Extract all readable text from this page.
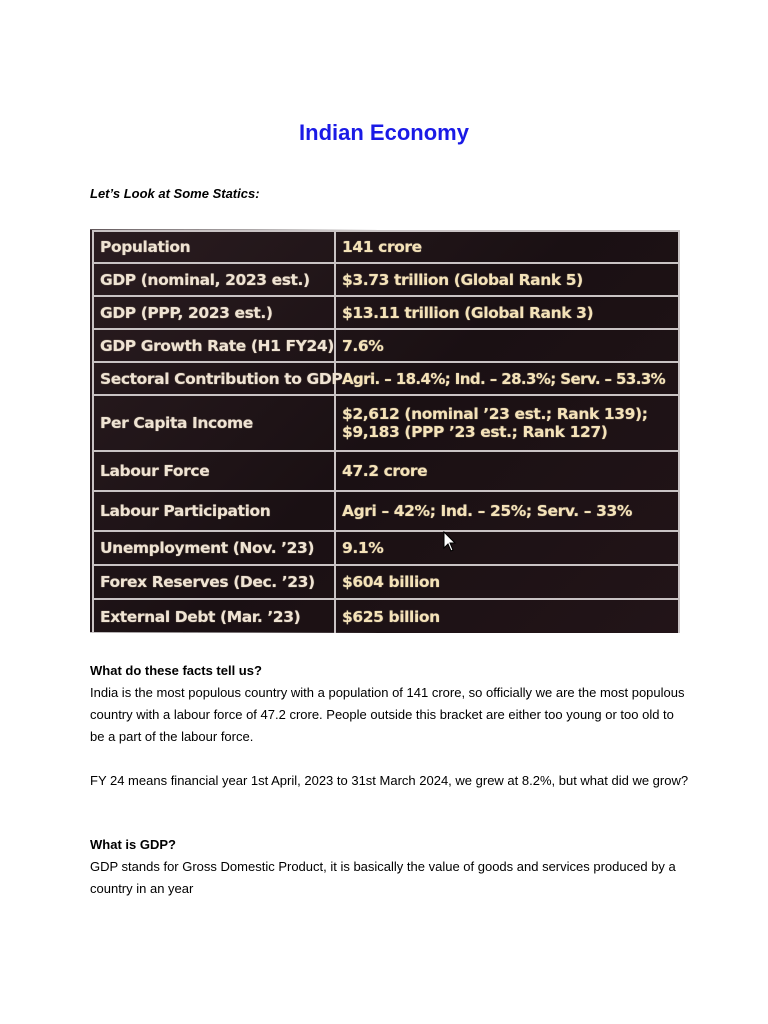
Indian Economy
Let’s Look at Some Statics:
Population	141 crore
GDP (nominal, 2023 est.)	$3.73 trillion (Global Rank 5)
GDP (PPP, 2023 est.)	$13.11 trillion (Global Rank 3)
GDP Growth Rate (H1 FY24)	7.6%
Sectoral Contribution to GDP	Agri. – 18.4%; Ind. – 28.3%; Serv. – 53.3%
Per Capita Income	$2,612 (nominal ’23 est.; Rank 139);
$9,183 (PPP ’23 est.; Rank 127)

Labour Force	47.2 crore
Labour Participation	Agri – 42%; Ind. – 25%; Serv. – 33%
Unemployment (Nov. ’23)	9.1%
Forex Reserves (Dec. ’23)	$604 billion
External Debt (Mar. ’23)	$625 billion
What do these facts tell us?
India is the most populous country with a population of 141 crore, so officially we are the most populous country with a labour force of 47.2 crore. People outside this bracket are either too young or too old to be a part of the labour force.
FY 24 means financial year 1st April, 2023 to 31st March 2024, we grew at 8.2%, but what did we grow?
What is GDP?
GDP stands for Gross Domestic Product, it is basically the value of goods and services produced by a country in an year
